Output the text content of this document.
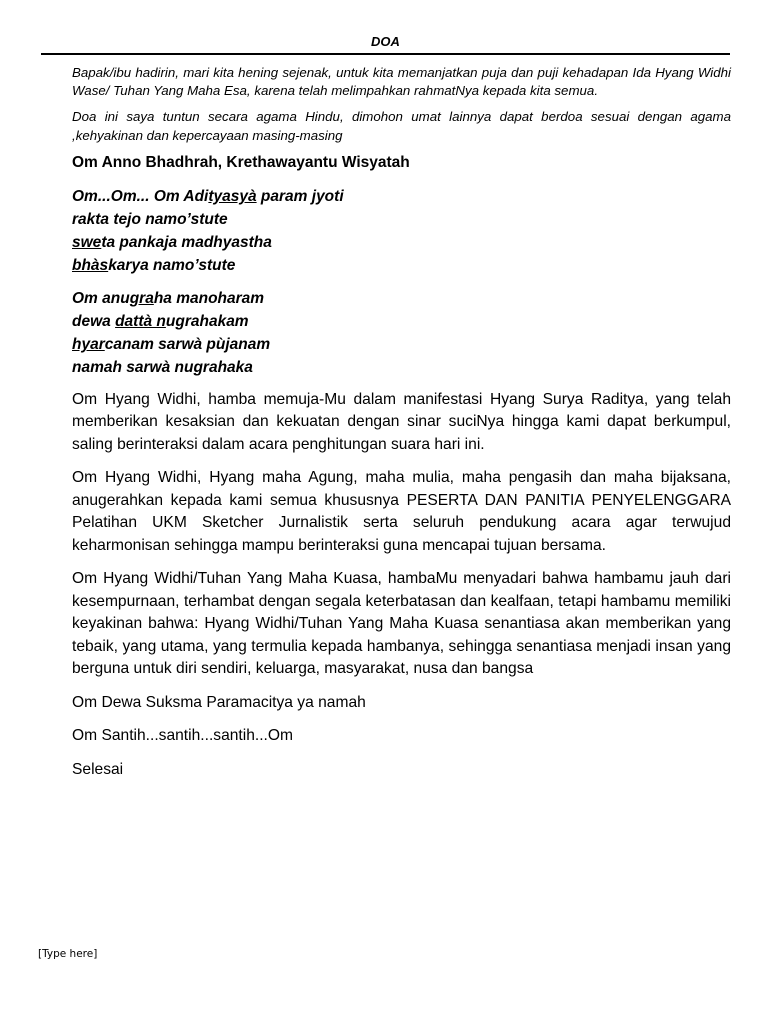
DOA

Bapak/ibu hadirin, mari kita hening sejenak, untuk kita memanjatkan puja dan puji kehadapan Ida Hyang Widhi Wase/ Tuhan Yang Maha Esa, karena telah melimpahkan rahmatNya kepada kita semua.

Doa ini saya tuntun secara agama Hindu, dimohon umat lainnya dapat berdoa sesuai dengan agama ,kehyakinan dan kepercayaan masing-masing

Om Anno Bhadhrah, Krethawayantu Wisyatah
Om...Om... Om Adityasyà param jyoti
rakta tejo namo’stute
sweta pankaja madhyastha
bhàskarya namo’stute
Om anugraha manoharam
dewa dattà nugrahakam
hyarcanam sarwà pùjanam
namah sarwà nugrahaka

Om Hyang Widhi, hamba memuja-Mu dalam manifestasi Hyang Surya Raditya, yang telah memberikan kesaksian dan kekuatan dengan sinar suciNya hingga kami dapat berkumpul, saling berinteraksi dalam acara penghitungan suara hari ini.

Om Hyang Widhi, Hyang maha Agung, maha mulia, maha pengasih dan maha bijaksana, anugerahkan kepada kami semua khususnya PESERTA DAN PANITIA PENYELENGGARA Pelatihan UKM Sketcher Jurnalistik serta seluruh pendukung acara agar terwujud keharmonisan sehingga mampu berinteraksi guna mencapai tujuan bersama.

Om Hyang Widhi/Tuhan Yang Maha Kuasa, hambaMu menyadari bahwa hambamu jauh dari kesempurnaan, terhambat dengan segala keterbatasan dan kealfaan, tetapi hambamu memiliki keyakinan bahwa: Hyang Widhi/Tuhan Yang Maha Kuasa senantiasa akan memberikan yang tebaik, yang utama, yang termulia kepada hambanya, sehingga senantiasa menjadi insan yang berguna untuk diri sendiri, keluarga, masyarakat, nusa dan bangsa

Om Dewa Suksma Paramacitya ya namah

Om Santih...santih...santih...Om

Selesai

[Type here]
